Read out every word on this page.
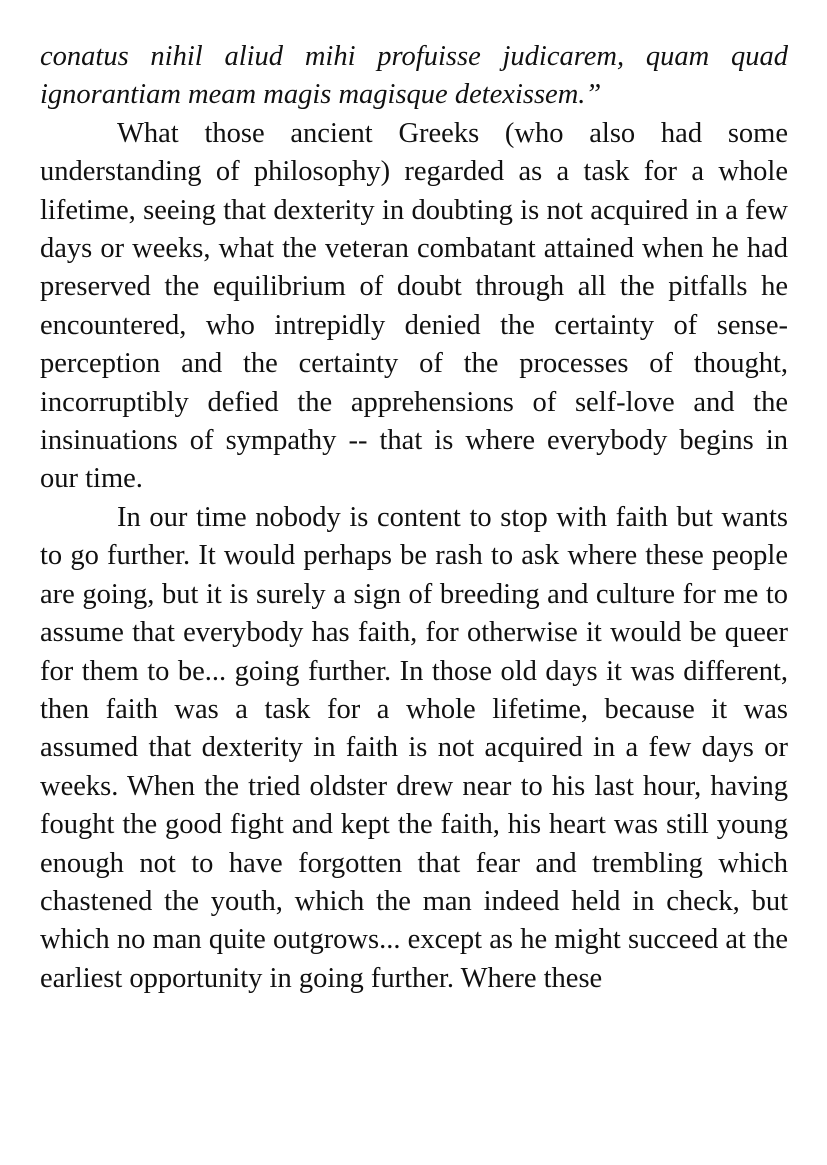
conatus nihil aliud mihi profuisse judicarem, quam quad ignorantiam meam magis magisque detexissem.”

What those ancient Greeks (who also had some understanding of philosophy) regarded as a task for a whole lifetime, seeing that dexterity in doubting is not acquired in a few days or weeks, what the veteran combatant attained when he had preserved the equilibrium of doubt through all the pitfalls he encountered, who intrepidly denied the certainty of sense-perception and the certainty of the processes of thought, incorruptibly defied the apprehensions of self-love and the insinuations of sympathy -- that is where everybody begins in our time.

In our time nobody is content to stop with faith but wants to go further. It would perhaps be rash to ask where these people are going, but it is surely a sign of breeding and culture for me to assume that everybody has faith, for otherwise it would be queer for them to be... going further. In those old days it was different, then faith was a task for a whole lifetime, because it was assumed that dexterity in faith is not acquired in a few days or weeks. When the tried oldster drew near to his last hour, having fought the good fight and kept the faith, his heart was still young enough not to have forgotten that fear and trembling which chastened the youth, which the man indeed held in check, but which no man quite outgrows... except as he might succeed at the earliest opportunity in going further. Where these
